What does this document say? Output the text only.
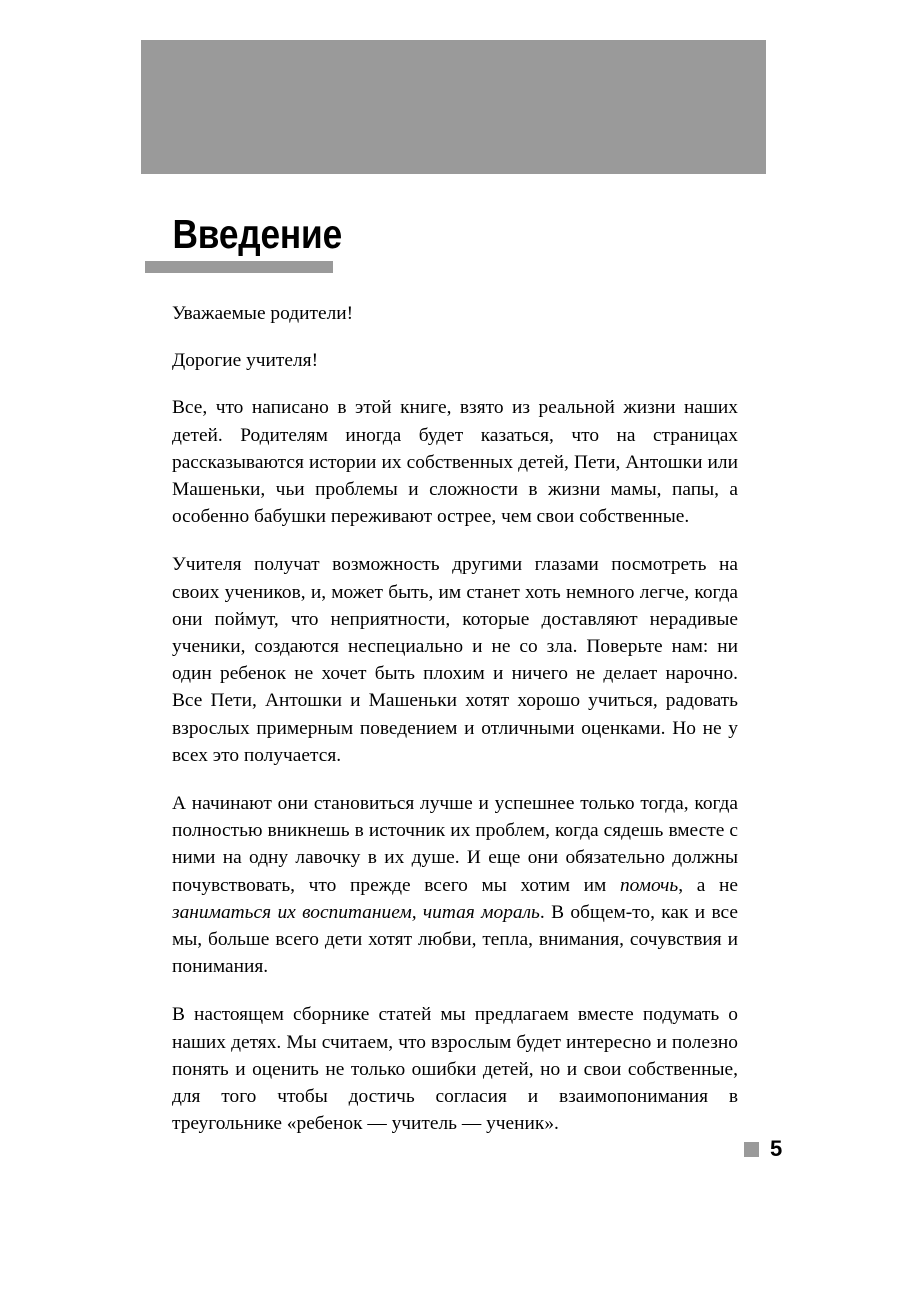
Введение

Уважаемые родители!

Дорогие учителя!

Все, что написано в этой книге, взято из реальной жизни наших детей. Родителям иногда будет казаться, что на страницах рассказываются истории их собственных детей, Пети, Антошки или Машеньки, чьи проблемы и сложности в жизни мамы, папы, а особенно бабушки переживают острее, чем свои собственные.

Учителя получат возможность другими глазами посмотреть на своих учеников, и, может быть, им станет хоть немного легче, когда они поймут, что неприятности, которые доставляют нерадивые ученики, создаются неспециально и не со зла. Поверьте нам: ни один ребенок не хочет быть плохим и ничего не делает нарочно. Все Пети, Антошки и Машеньки хотят хорошо учиться, радовать взрослых примерным поведением и отличными оценками. Но не у всех это получается.

А начинают они становиться лучше и успешнее только тогда, когда полностью вникнешь в источник их проблем, когда сядешь вместе с ними на одну лавочку в их душе. И еще они обязательно должны почувствовать, что прежде всего мы хотим им помочь, а не заниматься их воспитанием, читая мораль. В общем-то, как и все мы, больше всего дети хотят любви, тепла, внимания, сочувствия и понимания.

В настоящем сборнике статей мы предлагаем вместе подумать о наших детях. Мы считаем, что взрослым будет интересно и полезно понять и оценить не только ошибки детей, но и свои собственные, для того чтобы достичь согласия и взаимопонимания в треугольнике «ребенок — учитель — ученик».

5
